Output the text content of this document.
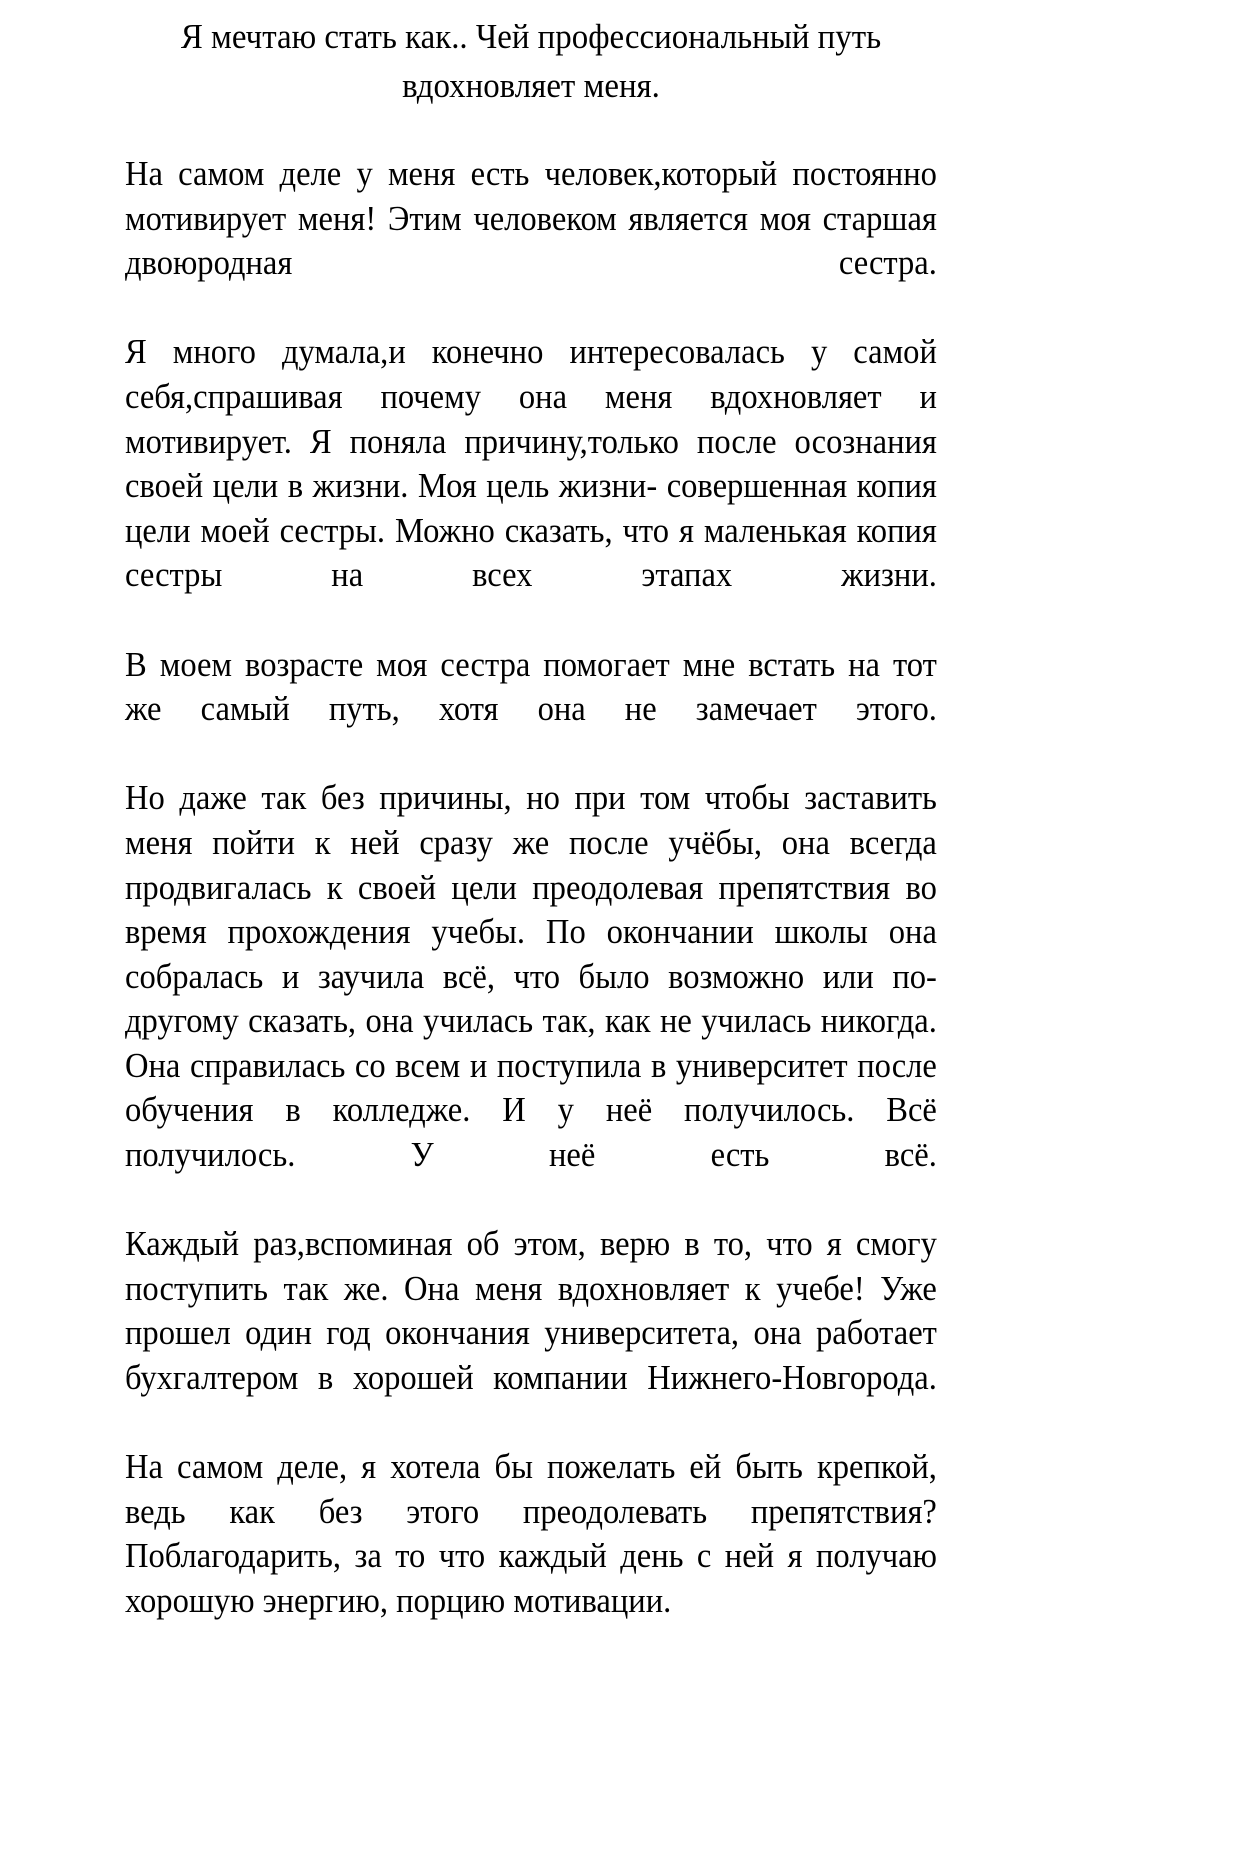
Я мечтаю стать как.. Чей профессиональный путь вдохновляет меня.

На самом деле у меня есть человек,который постоянно мотивирует меня! Этим человеком является моя старшая двоюродная сестра.

Я много думала,и конечно интересовалась у самой себя,спрашивая почему она меня вдохновляет и мотивирует. Я поняла причину,только после осознания своей цели в жизни. Моя цель жизни- совершенная копия цели моей сестры. Можно сказать, что я маленькая копия сестры на всех этапах жизни.

В моем возрасте моя сестра помогает мне встать на тот же самый путь, хотя она не замечает этого.

Но даже так без причины, но при том чтобы заставить меня пойти к ней сразу же после учёбы, она всегда продвигалась к своей цели преодолевая препятствия во время прохождения учебы. По окончании школы она собралась и заучила всё, что было возможно или по-другому сказать, она училась так, как не училась никогда. Она справилась со всем и поступила в университет после обучения в колледже. И у неё получилось. Всё получилось. У неё есть всё.

Каждый раз,вспоминая об этом, верю в то, что я смогу поступить так же. Она меня вдохновляет к учебе! Уже прошел один год окончания университета, она работает бухгалтером в хорошей компании Нижнего-Новгорода.

На самом деле, я хотела бы пожелать ей быть крепкой, ведь как без этого преодолевать препятствия? Поблагодарить, за то что каждый день с ней я получаю хорошую энергию, порцию мотивации.
